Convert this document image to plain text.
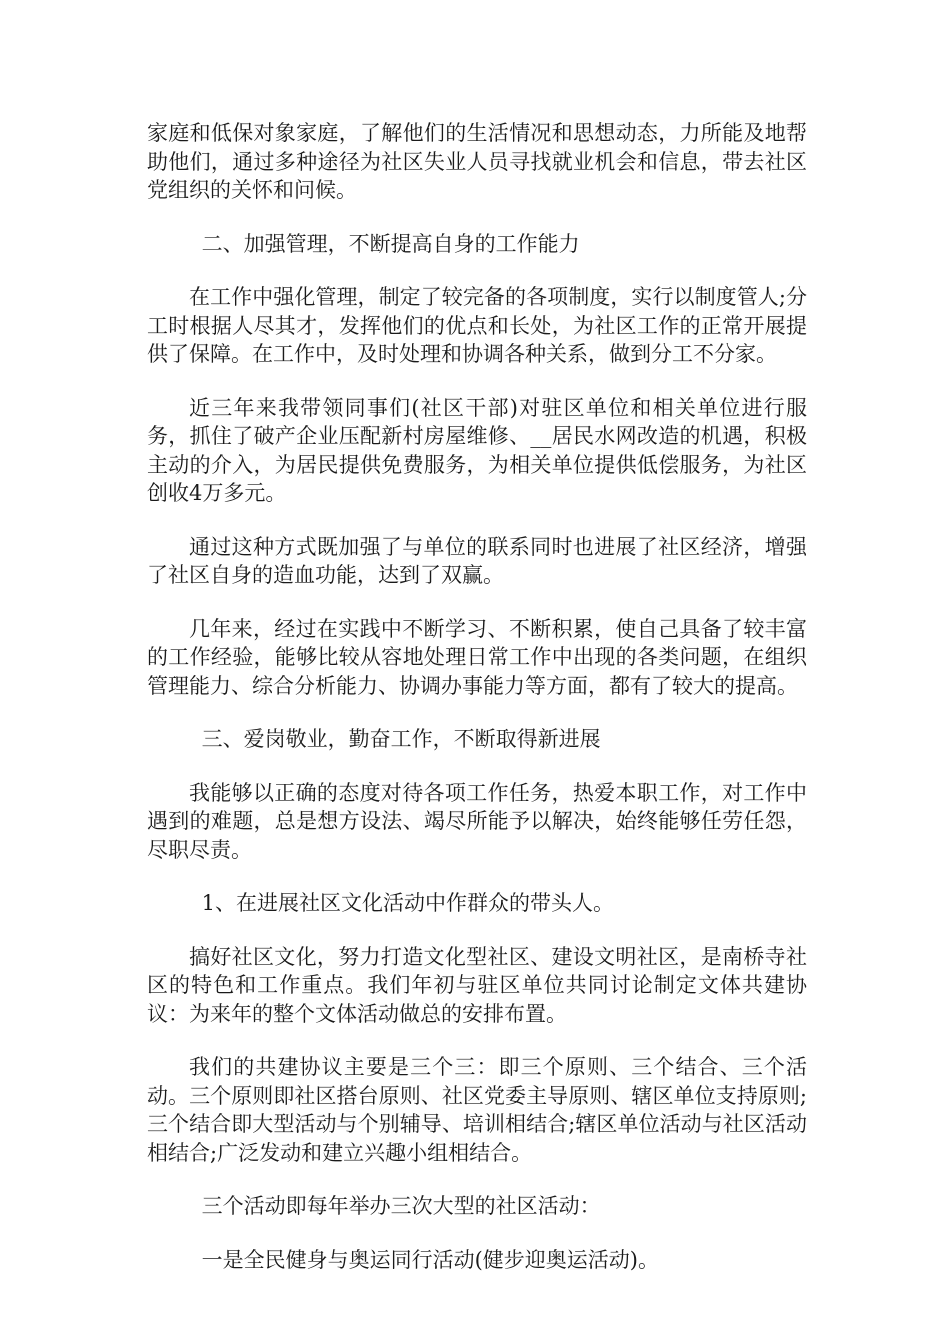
家庭和低保对象家庭，了解他们的生活情况和思想动态，力所能及地帮助他们，通过多种途径为社区失业人员寻找就业机会和信息，带去社区党组织的关怀和问候。

二、加强管理，不断提高自身的工作能力

在工作中强化管理，制定了较完备的各项制度，实行以制度管人;分工时根据人尽其才，发挥他们的优点和长处，为社区工作的正常开展提供了保障。在工作中，及时处理和协调各种关系，做到分工不分家。

近三年来我带领同事们(社区干部)对驻区单位和相关单位进行服务，抓住了破产企业压配新村房屋维修、__居民水网改造的机遇，积极主动的介入，为居民提供免费服务，为相关单位提供低偿服务，为社区创收4万多元。

通过这种方式既加强了与单位的联系同时也进展了社区经济，增强了社区自身的造血功能，达到了双赢。

几年来，经过在实践中不断学习、不断积累，使自己具备了较丰富的工作经验，能够比较从容地处理日常工作中出现的各类问题，在组织管理能力、综合分析能力、协调办事能力等方面，都有了较大的提高。

三、爱岗敬业，勤奋工作，不断取得新进展

我能够以正确的态度对待各项工作任务，热爱本职工作，对工作中遇到的难题，总是想方设法、竭尽所能予以解决，始终能够任劳任怨，尽职尽责。

1、在进展社区文化活动中作群众的带头人。

搞好社区文化，努力打造文化型社区、建设文明社区，是南桥寺社区的特色和工作重点。我们年初与驻区单位共同讨论制定文体共建协议：为来年的整个文体活动做总的安排布置。

我们的共建协议主要是三个三：即三个原则、三个结合、三个活动。三个原则即社区搭台原则、社区党委主导原则、辖区单位支持原则;三个结合即大型活动与个别辅导、培训相结合;辖区单位活动与社区活动相结合;广泛发动和建立兴趣小组相结合。

三个活动即每年举办三次大型的社区活动：

一是全民健身与奥运同行活动(健步迎奥运活动)。
